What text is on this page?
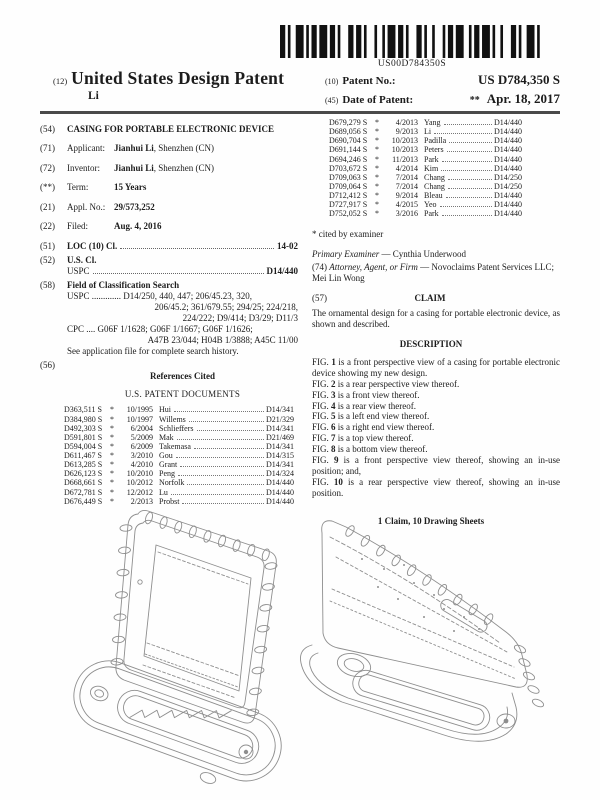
US00D784350S
(12) United States Design Patent
Li
(10) Patent No.:	US D784,350 S
(45) Date of Patent:	** Apr. 18, 2017
(54)	CASING FOR PORTABLE ELECTRONIC DEVICE
(71)	Applicant: Jianhui Li, Shenzhen (CN)
(72)	Inventor: Jianhui Li, Shenzhen (CN)
(**)	Term:	15 Years
(21)	Appl. No.: 29/573,252
(22)	Filed:	Aug. 4, 2016
(51)	LOC (10) Cl.	14-02
(52)	U.S. Cl.
USPC	D14/440
(58)	Field of Classification Search
USPC ............. D14/250, 440, 447; 206/45.23, 320,
206/45.2; 361/679.55; 294/25; 224/218,
224/222; D9/414; D3/29; D11/3
CPC .... G06F 1/1628; G06F 1/1667; G06F 1/1626;
A47B 23/044; H04B 1/3888; A45C 11/00
See application file for complete search history.
(56)
References Cited
U.S. PATENT DOCUMENTS
D363,511 S	*	10/1995 Hui	D14/341
D384,980 S *	10/1997 Willems	D21/329
D492,303 S *	6/2004 Schlieffers	D14/341
D591,801 S *	5/2009 Mak	D21/469
D594,004 S *	6/2009 Takemasa	D14/341
D611,467 S	*	3/2010 Gou	D14/315
D613,285 S *	4/2010 Grant	D14/341
D626,123 S *	10/2010 Peng	D14/324
D668,661 S *	10/2012 Norfolk	D14/440
D672,781 S *	12/2012 Lu	D14/440
D676,449 S *	2/2013 Probst	D14/440
D679,279 S *	4/2013 Yang	D14/440
D689,056 S *	9/2013 Li	D14/440
D690,704 S *	10/2013 Padilla	D14/440
D691,144 S *	10/2013 Peters	D14/440
D694,246 S *	11/2013 Park	D14/440
D703,672 S *	4/2014 Kim	D14/440
D709,063 S *	7/2014 Chang	D14/250
D709,064 S *	7/2014 Chang	D14/250
D712,412 S *	9/2014 Bleau	D14/440
D727,917 S *	4/2015 Yeo	D14/440
D752,052 S *	3/2016 Park	D14/440
* cited by examiner

Primary Examiner — Cynthia Underwood

(74) Attorney, Agent, or Firm — Novoclaims Patent Services LLC; Mei Lin Wong

(57)	CLAIM

The ornamental design for a casing for portable electronic device, as shown and described.

DESCRIPTION

FIG. 1 is a front perspective view of a casing for portable electronic device showing my new design.

FIG. 2 is a rear perspective view thereof.

FIG. 3 is a front view thereof.

FIG. 4 is a rear view thereof.

FIG. 5 is a left end view thereof.

FIG. 6 is a right end view thereof.

FIG. 7 is a top view thereof.

FIG. 8 is a bottom view thereof.

FIG. 9 is a front perspective view thereof, showing an in-use position; and,

FIG. 10 is a rear perspective view thereof, showing an in-use position.

1 Claim, 10 Drawing Sheets
